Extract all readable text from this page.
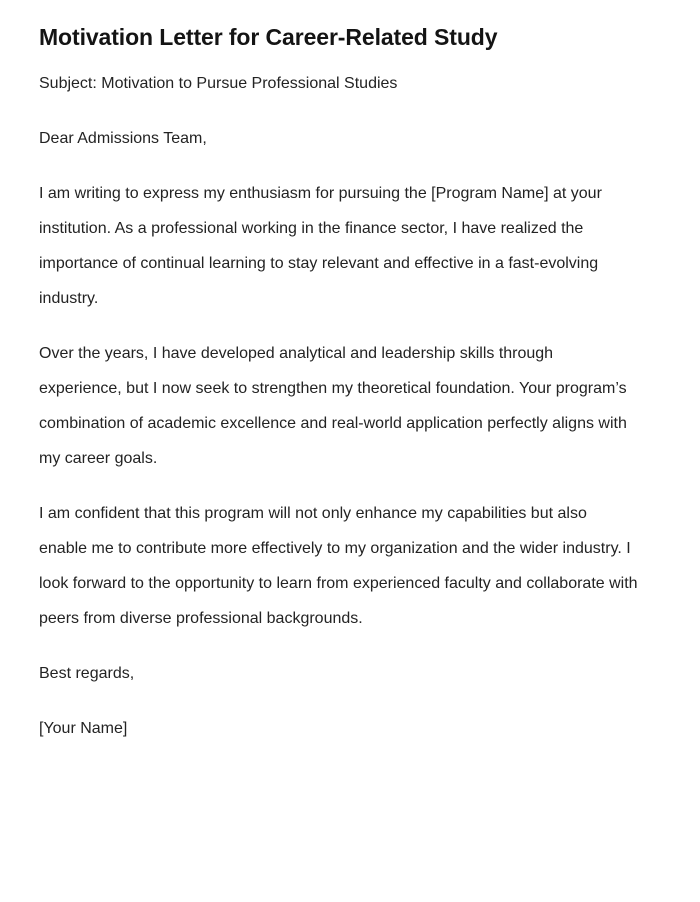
Motivation Letter for Career-Related Study

Subject: Motivation to Pursue Professional Studies

Dear Admissions Team,

I am writing to express my enthusiasm for pursuing the [Program Name] at your institution. As a professional working in the finance sector, I have realized the importance of continual learning to stay relevant and effective in a fast-evolving industry.

Over the years, I have developed analytical and leadership skills through experience, but I now seek to strengthen my theoretical foundation. Your program’s combination of academic excellence and real-world application perfectly aligns with my career goals.

I am confident that this program will not only enhance my capabilities but also enable me to contribute more effectively to my organization and the wider industry. I look forward to the opportunity to learn from experienced faculty and collaborate with peers from diverse professional backgrounds.

Best regards,

[Your Name]
